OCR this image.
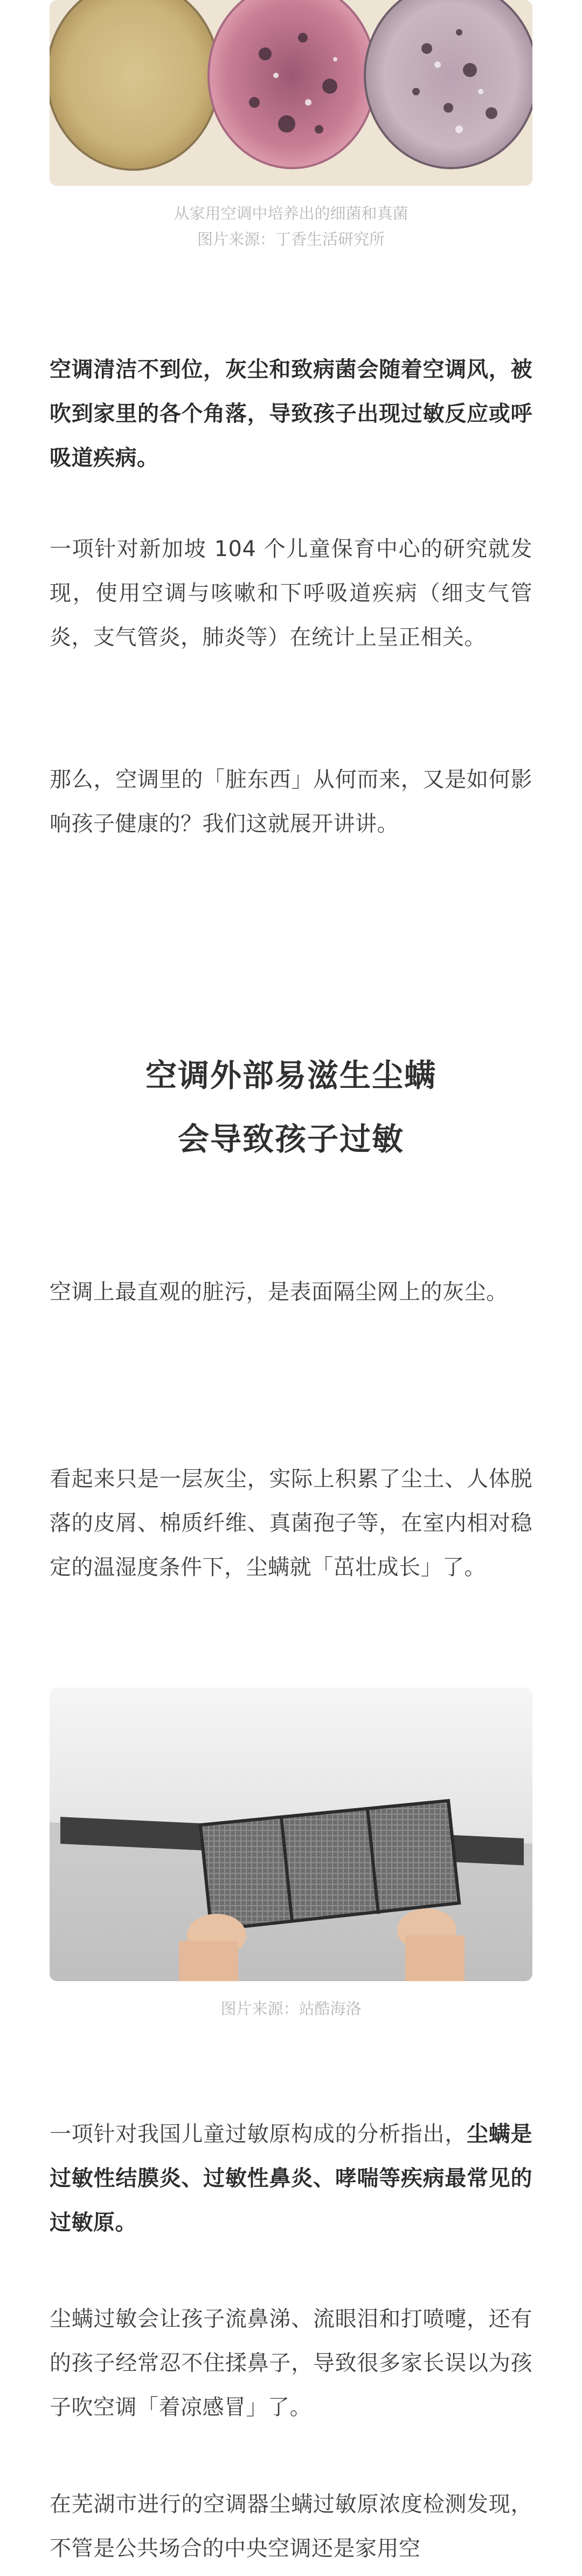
从家用空调中培养出的细菌和真菌
图片来源：丁香生活研究所

空调清洁不到位，灰尘和致病菌会随着空调风，被吹到家里的各个角落，导致孩子出现过敏反应或呼吸道疾病。

一项针对新加坡 104 个儿童保育中心的研究就发现，使用空调与咳嗽和下呼吸道疾病（细支气管炎，支气管炎，肺炎等）在统计上呈正相关。

那么，空调里的「脏东西」从何而来，又是如何影响孩子健康的？我们这就展开讲讲。

空调外部易滋生尘螨
会导致孩子过敏

空调上最直观的脏污，是表面隔尘网上的灰尘。

看起来只是一层灰尘，实际上积累了尘土、人体脱落的皮屑、棉质纤维、真菌孢子等，在室内相对稳定的温湿度条件下，尘螨就「茁壮成长」了。

图片来源：站酷海洛

一项针对我国儿童过敏原构成的分析指出，尘螨是过敏性结膜炎、过敏性鼻炎、哮喘等疾病最常见的过敏原。

尘螨过敏会让孩子流鼻涕、流眼泪和打喷嚏，还有的孩子经常忍不住揉鼻子，导致很多家长误以为孩子吹空调「着凉感冒」了。

在芜湖市进行的空调器尘螨过敏原浓度检测发现，不管是公共场合的中央空调还是家用空
